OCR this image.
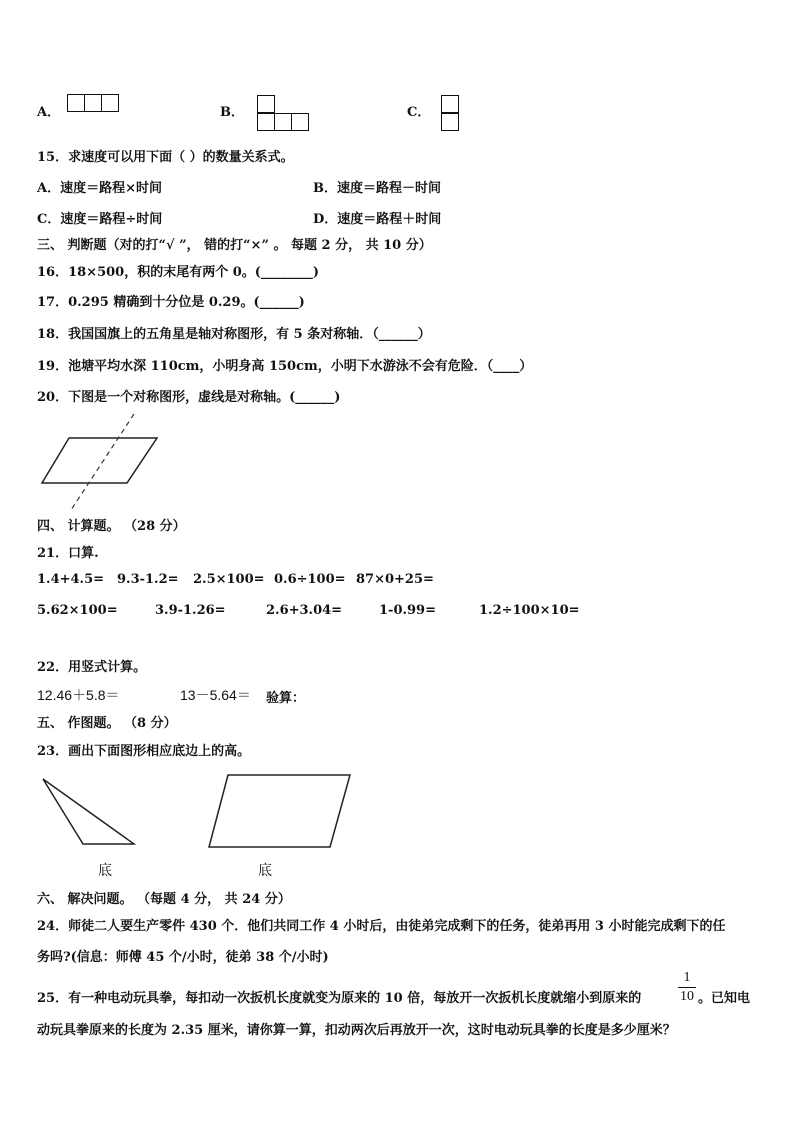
A．	B．	C．
15．求速度可以用下面（ ）的数量关系式。
A．速度＝路程×时间	B．速度＝路程－时间
C．速度＝路程÷时间	D．速度＝路程＋时间
三、 判断题（对的打“√ ”， 错的打“×” 。 每题 2 分， 共 10 分）
16．18×500，积的末尾有两个 0。(________)
17．0.295 精确到十分位是 0.29。(______)
18．我国国旗上的五角星是轴对称图形，有 5 条对称轴．（______）
19．池塘平均水深 110cm，小明身高 150cm，小明下水游泳不会有危险．（____）
20．下图是一个对称图形，虚线是对称轴。(______)
四、 计算题。 （28 分）
21．口算.
1.4+4.5= 9.3-1.2= 2.5×100= 0.6÷100= 87×0+25=
5.62×100=	3.9-1.26=	2.6+3.04=	1-0.99=	1.2÷100×10=
22．用竖式计算。
12.46＋5.8＝	13－5.64＝ 验算：
五、 作图题。 （8 分）
23．画出下面图形相应底边上的高。
底	底
六、 解决问题。 （每题 4 分， 共 24 分）
24．师徒二人要生产零件 430 个．他们共同工作 4 小时后，由徒弟完成剩下的任务，徒弟再用 3 小时能完成剩下的任
务吗?(信息：师傅 45 个/小时，徒弟 38 个/小时)
25．有一种电动玩具拳，每扣动一次扳机长度就变为原来的 10 倍，每放开一次扳机长度就缩小到原来的
1
10 。已知电
动玩具拳原来的长度为 2.35 厘米，请你算一算，扣动两次后再放开一次，这时电动玩具拳的长度是多少厘米？
